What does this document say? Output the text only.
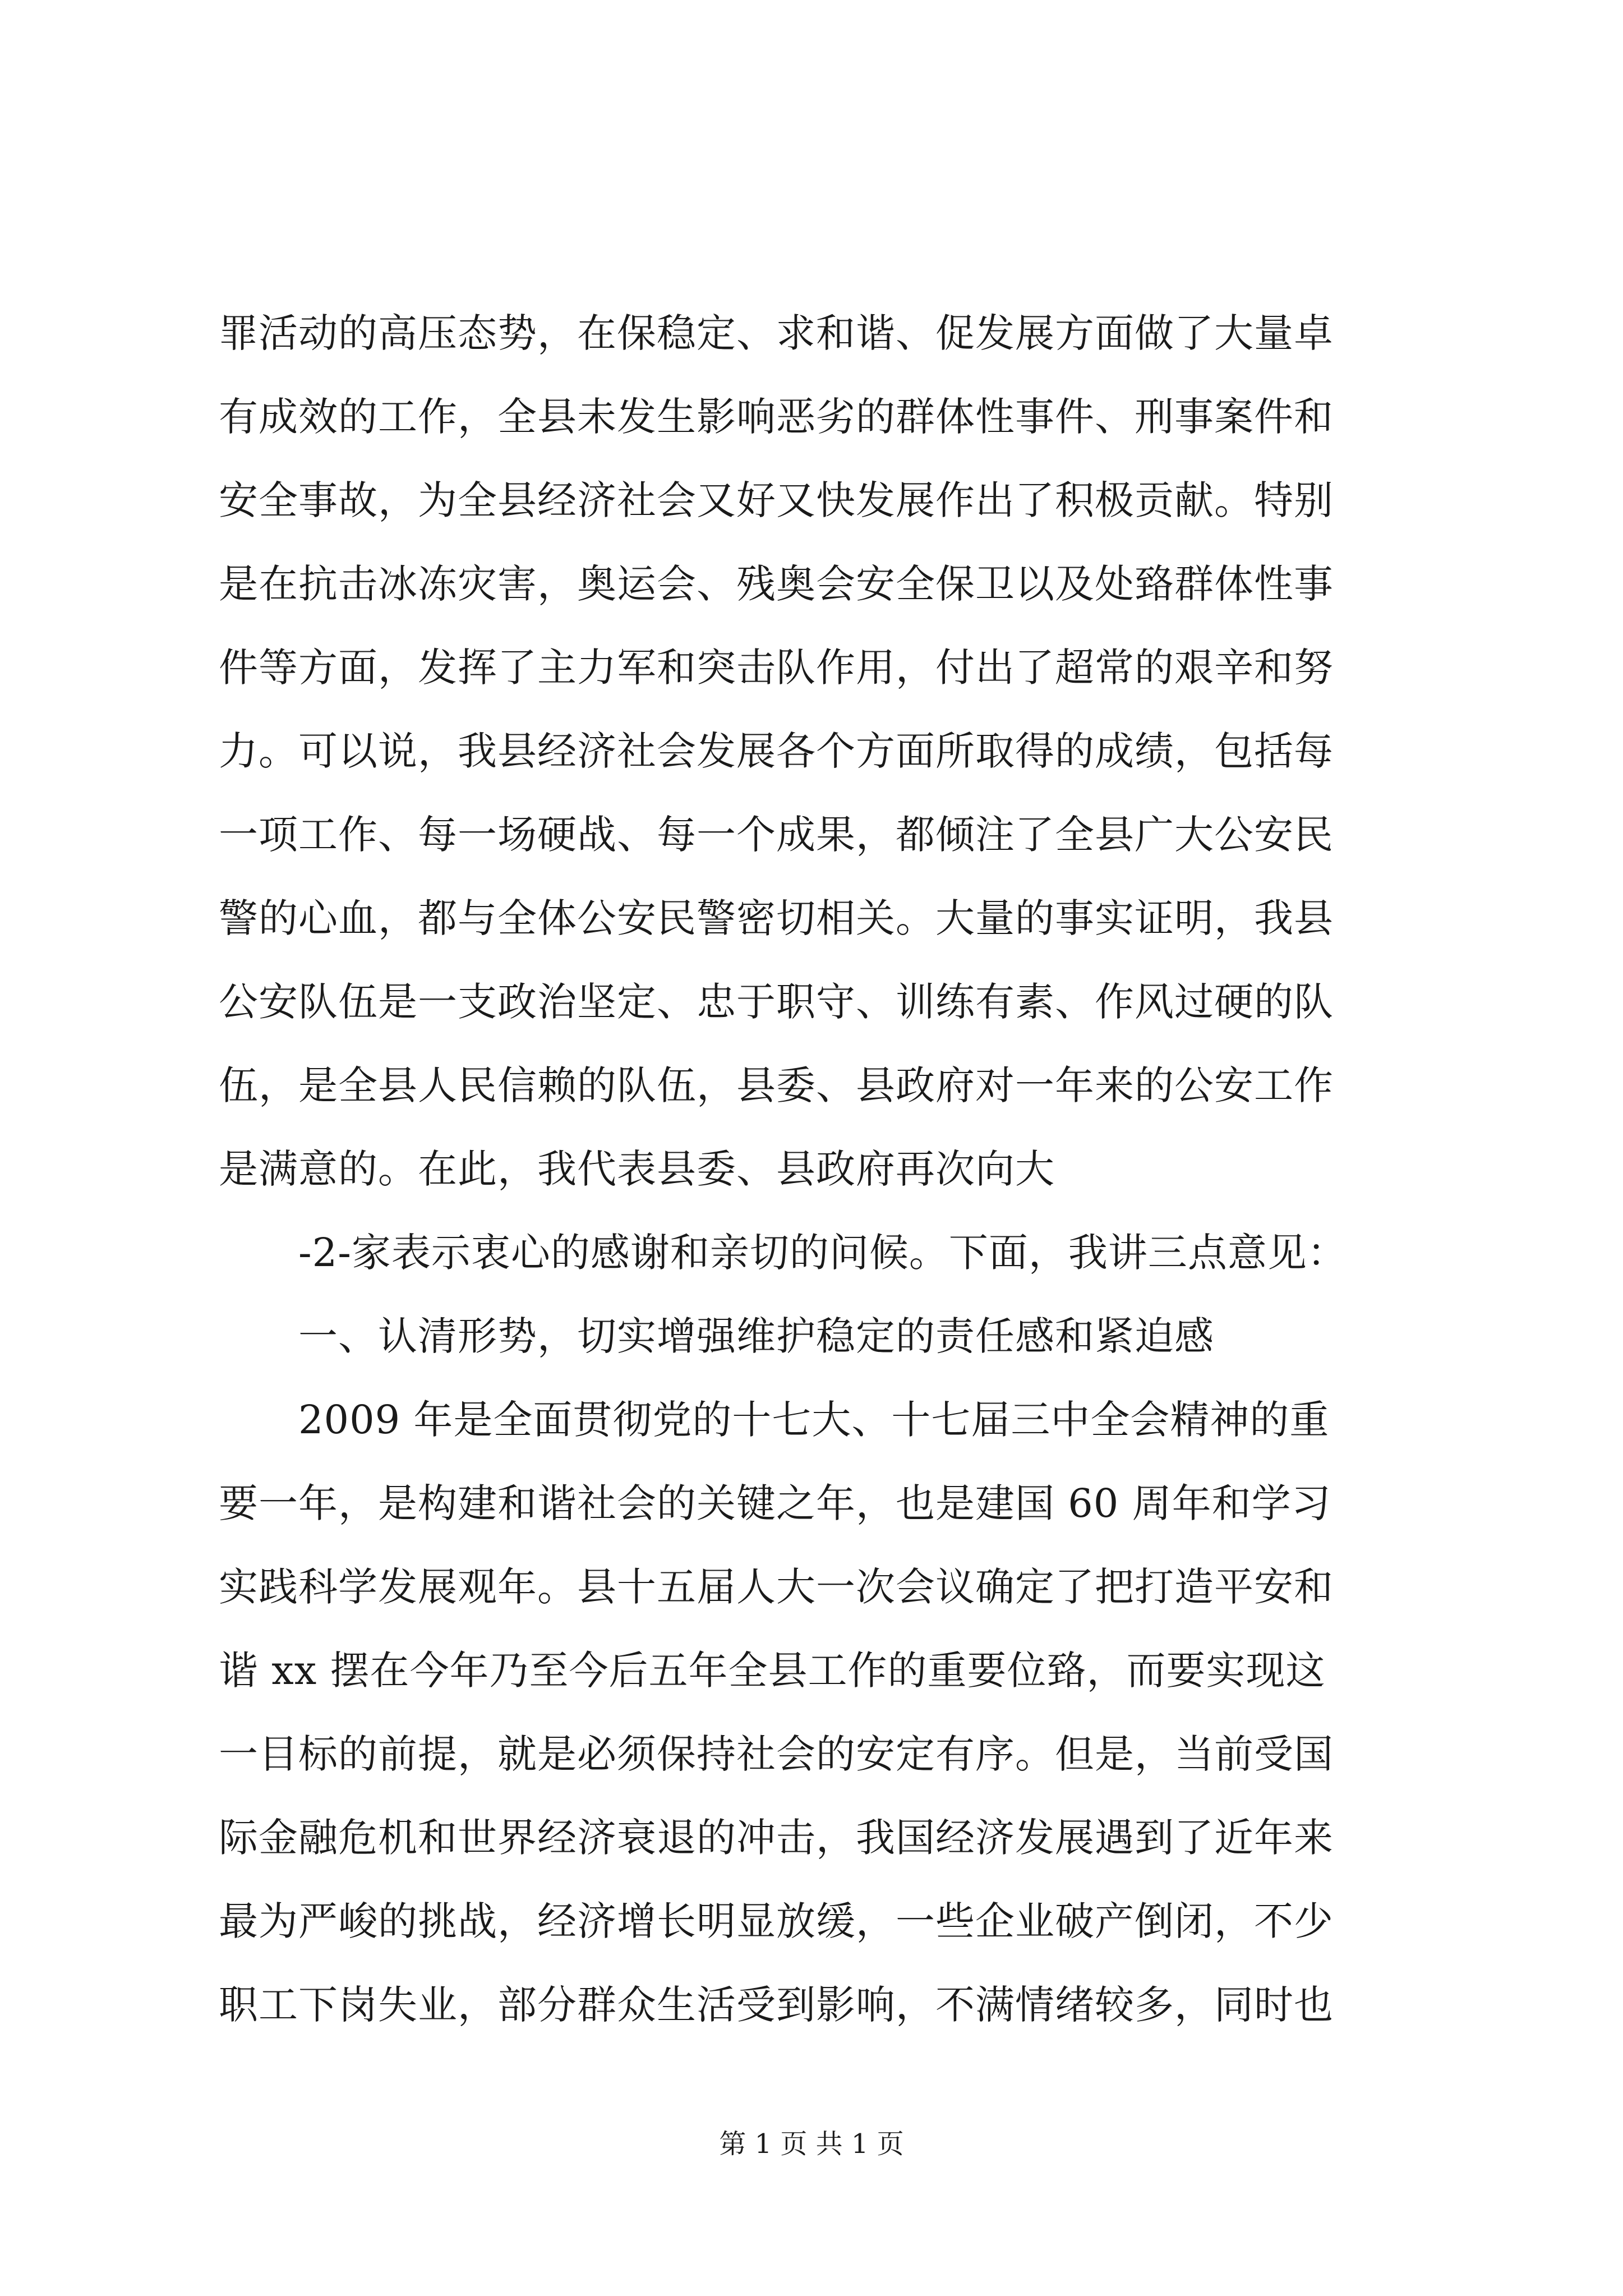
罪活动的高压态势，在保稳定、求和谐、促发展方面做了大量卓
有成效的工作，全县未发生影响恶劣的群体性事件、刑事案件和
安全事故，为全县经济社会又好又快发展作出了积极贡献。特别
是在抗击冰冻灾害，奥运会、残奥会安全保卫以及处臵群体性事
件等方面，发挥了主力军和突击队作用，付出了超常的艰辛和努
力。可以说，我县经济社会发展各个方面所取得的成绩，包括每
一项工作、每一场硬战、每一个成果，都倾注了全县广大公安民
警的心血，都与全体公安民警密切相关。大量的事实证明，我县
公安队伍是一支政治坚定、忠于职守、训练有素、作风过硬的队
伍，是全县人民信赖的队伍，县委、县政府对一年来的公安工作
是满意的。在此，我代表县委、县政府再次向大
-2-家表示衷心的感谢和亲切的问候。下面，我讲三点意见：
一、认清形势，切实增强维护稳定的责任感和紧迫感
2009 年是全面贯彻党的十七大、十七届三中全会精神的重
要一年，是构建和谐社会的关键之年，也是建国 60 周年和学习
实践科学发展观年。县十五届人大一次会议确定了把打造平安和
谐 xx 摆在今年乃至今后五年全县工作的重要位臵，而要实现这
一目标的前提，就是必须保持社会的安定有序。但是，当前受国
际金融危机和世界经济衰退的冲击，我国经济发展遇到了近年来
最为严峻的挑战，经济增长明显放缓，一些企业破产倒闭，不少
职工下岗失业，部分群众生活受到影响，不满情绪较多，同时也
第 1 页 共 1 页
